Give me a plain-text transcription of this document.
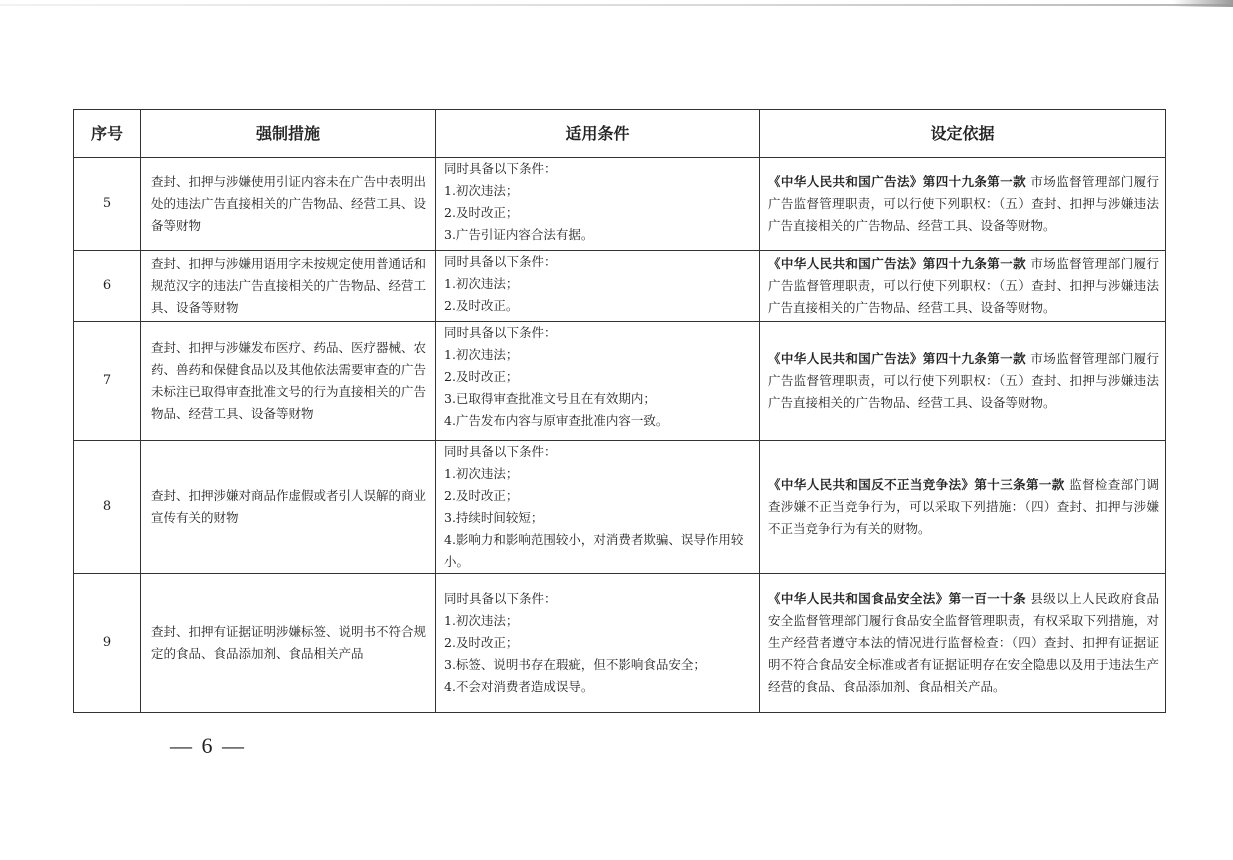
序号	强制措施	适用条件	设定依据
5	查封、扣押与涉嫌使用引证内容未在广告中表明出处的违法广告直接相关的广告物品、经营工具、设备等财物	同时具备以下条件：
1.初次违法；
2.及时改正；
3.广告引证内容合法有据。	《中华人民共和国广告法》第四十九条第一款 市场监督管理部门履行广告监督管理职责，可以行使下列职权：（五）查封、扣押与涉嫌违法广告直接相关的广告物品、经营工具、设备等财物。
6	查封、扣押与涉嫌用语用字未按规定使用普通话和规范汉字的违法广告直接相关的广告物品、经营工具、设备等财物	同时具备以下条件：
1.初次违法；
2.及时改正。	《中华人民共和国广告法》第四十九条第一款 市场监督管理部门履行广告监督管理职责，可以行使下列职权：（五）查封、扣押与涉嫌违法广告直接相关的广告物品、经营工具、设备等财物。
7	查封、扣押与涉嫌发布医疗、药品、医疗器械、农药、兽药和保健食品以及其他依法需要审查的广告未标注已取得审查批准文号的行为直接相关的广告物品、经营工具、设备等财物	同时具备以下条件：
1.初次违法；
2.及时改正；
3.已取得审查批准文号且在有效期内；
4.广告发布内容与原审查批准内容一致。	《中华人民共和国广告法》第四十九条第一款 市场监督管理部门履行广告监督管理职责，可以行使下列职权：（五）查封、扣押与涉嫌违法广告直接相关的广告物品、经营工具、设备等财物。
8	查封、扣押涉嫌对商品作虚假或者引人误解的商业宣传有关的财物	同时具备以下条件：
1.初次违法；
2.及时改正；
3.持续时间较短；
4.影响力和影响范围较小，对消费者欺骗、误导作用较小。	《中华人民共和国反不正当竞争法》第十三条第一款 监督检查部门调查涉嫌不正当竞争行为，可以采取下列措施：（四）查封、扣押与涉嫌不正当竞争行为有关的财物。
9	查封、扣押有证据证明涉嫌标签、说明书不符合规定的食品、食品添加剂、食品相关产品	同时具备以下条件：
1.初次违法；
2.及时改正；
3.标签、说明书存在瑕疵，但不影响食品安全；
4.不会对消费者造成误导。	《中华人民共和国食品安全法》第一百一十条 县级以上人民政府食品安全监督管理部门履行食品安全监督管理职责，有权采取下列措施，对生产经营者遵守本法的情况进行监督检查：（四）查封、扣押有证据证明不符合食品安全标准或者有证据证明存在安全隐患以及用于违法生产经营的食品、食品添加剂、食品相关产品。
— 6 —
